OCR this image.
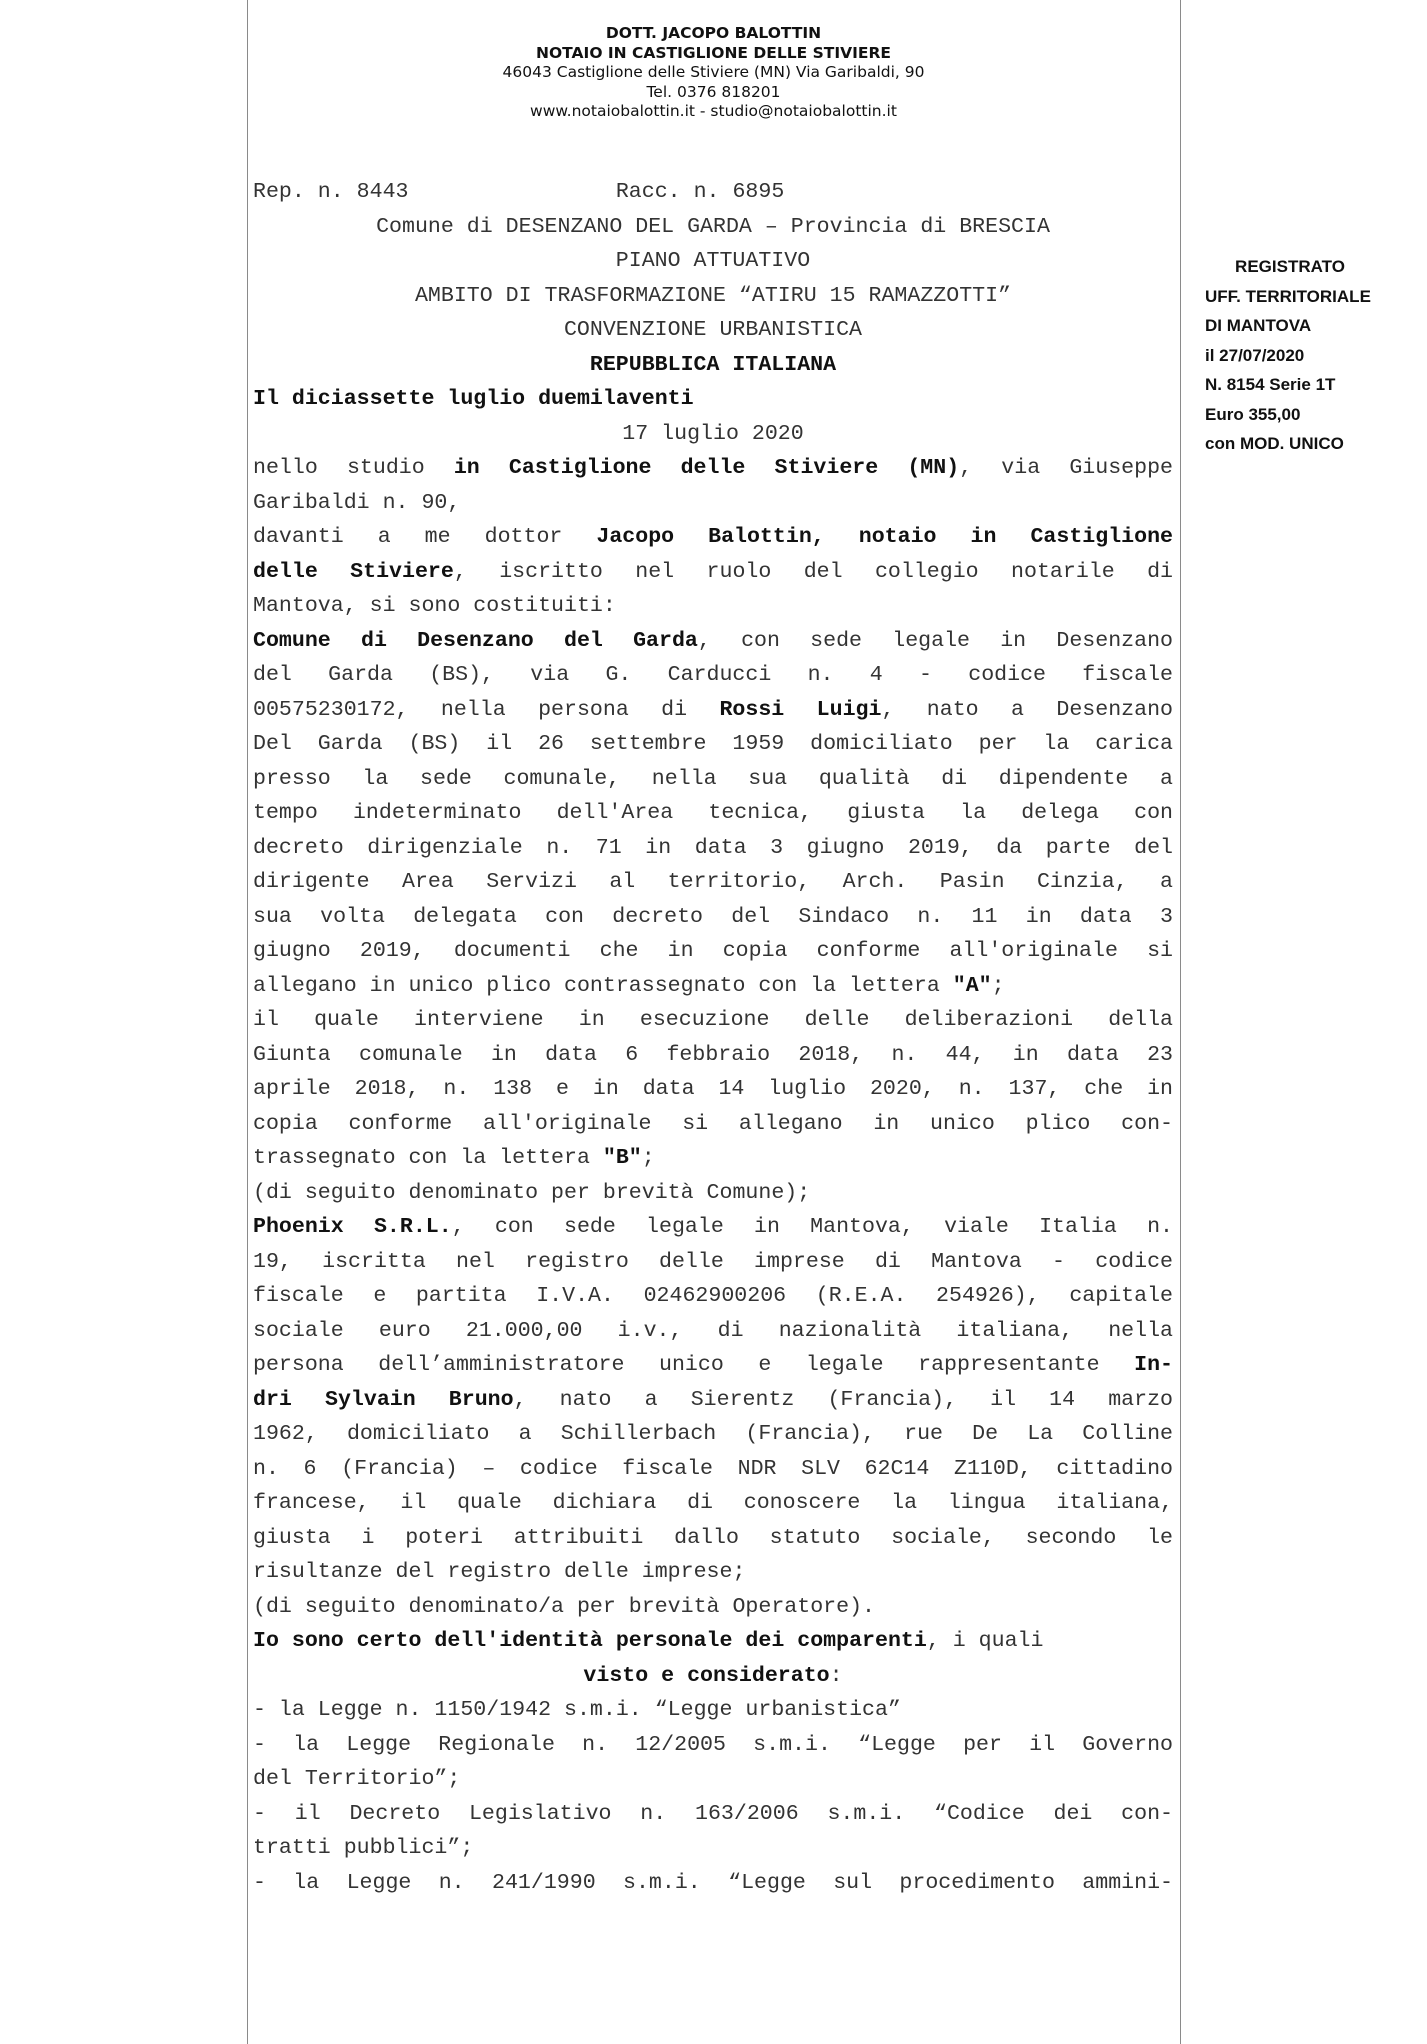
DOTT. JACOPO BALOTTIN
NOTAIO IN CASTIGLIONE DELLE STIVIERE
46043 Castiglione delle Stiviere (MN) Via Garibaldi, 90
Tel. 0376 818201
www.notaiobalottin.it - studio@notaiobalottin.it
REGISTRATO
UFF. TERRITORIALE
DI MANTOVA
il 27/07/2020
N. 8154 Serie 1T
Euro 355,00
con MOD. UNICO
Rep. n. 8443                Racc. n. 6895
Comune di DESENZANO DEL GARDA – Provincia di BRESCIA
PIANO ATTUATIVO
AMBITO DI TRASFORMAZIONE “ATIRU 15 RAMAZZOTTI”
CONVENZIONE URBANISTICA
REPUBBLICA ITALIANA
Il diciassette luglio duemilaventi
17 luglio 2020
nello studio in Castiglione delle Stiviere (MN), via Giuseppe
Garibaldi n. 90,
davanti a me dottor Jacopo Balottin, notaio in Castiglione
delle Stiviere, iscritto nel ruolo del collegio notarile di
Mantova, si sono costituiti:
Comune di Desenzano del Garda, con sede legale in Desenzano
del Garda (BS), via G. Carducci n. 4 - codice fiscale
00575230172, nella persona di Rossi Luigi, nato a Desenzano
Del Garda (BS) il 26 settembre 1959 domiciliato per la carica
presso la sede comunale, nella sua qualità di dipendente a
tempo indeterminato dell'Area tecnica, giusta la delega con
decreto dirigenziale n. 71 in data 3 giugno 2019, da parte del
dirigente Area Servizi al territorio, Arch. Pasin Cinzia, a
sua volta delegata con decreto del Sindaco n. 11 in data 3
giugno 2019, documenti che in copia conforme all'originale si
allegano in unico plico contrassegnato con la lettera "A";
il quale interviene in esecuzione delle deliberazioni della
Giunta comunale in data 6 febbraio 2018, n. 44, in data 23
aprile 2018, n. 138 e in data 14 luglio 2020, n. 137, che in
copia conforme all'originale si allegano in unico plico con-
trassegnato con la lettera "B";
(di seguito denominato per brevità Comune);
Phoenix S.R.L., con sede legale in Mantova, viale Italia n.
19, iscritta nel registro delle imprese di Mantova - codice
fiscale e partita I.V.A. 02462900206 (R.E.A. 254926), capitale
sociale euro 21.000,00 i.v., di nazionalità italiana, nella
persona dell’amministratore unico e legale rappresentante In-
dri Sylvain Bruno, nato a Sierentz (Francia), il 14 marzo
1962, domiciliato a Schillerbach (Francia), rue De La Colline
n. 6 (Francia) – codice fiscale NDR SLV 62C14 Z110D, cittadino
francese, il quale dichiara di conoscere la lingua italiana,
giusta i poteri attribuiti dallo statuto sociale, secondo le
risultanze del registro delle imprese;
(di seguito denominato/a per brevità Operatore).
Io sono certo dell'identità personale dei comparenti, i quali
visto e considerato:
- la Legge n. 1150/1942 s.m.i. “Legge urbanistica”
- la Legge Regionale n. 12/2005 s.m.i. “Legge per il Governo
del Territorio”;
- il Decreto Legislativo n. 163/2006 s.m.i. “Codice dei con-
tratti pubblici”;
- la Legge n. 241/1990 s.m.i. “Legge sul procedimento ammini-
